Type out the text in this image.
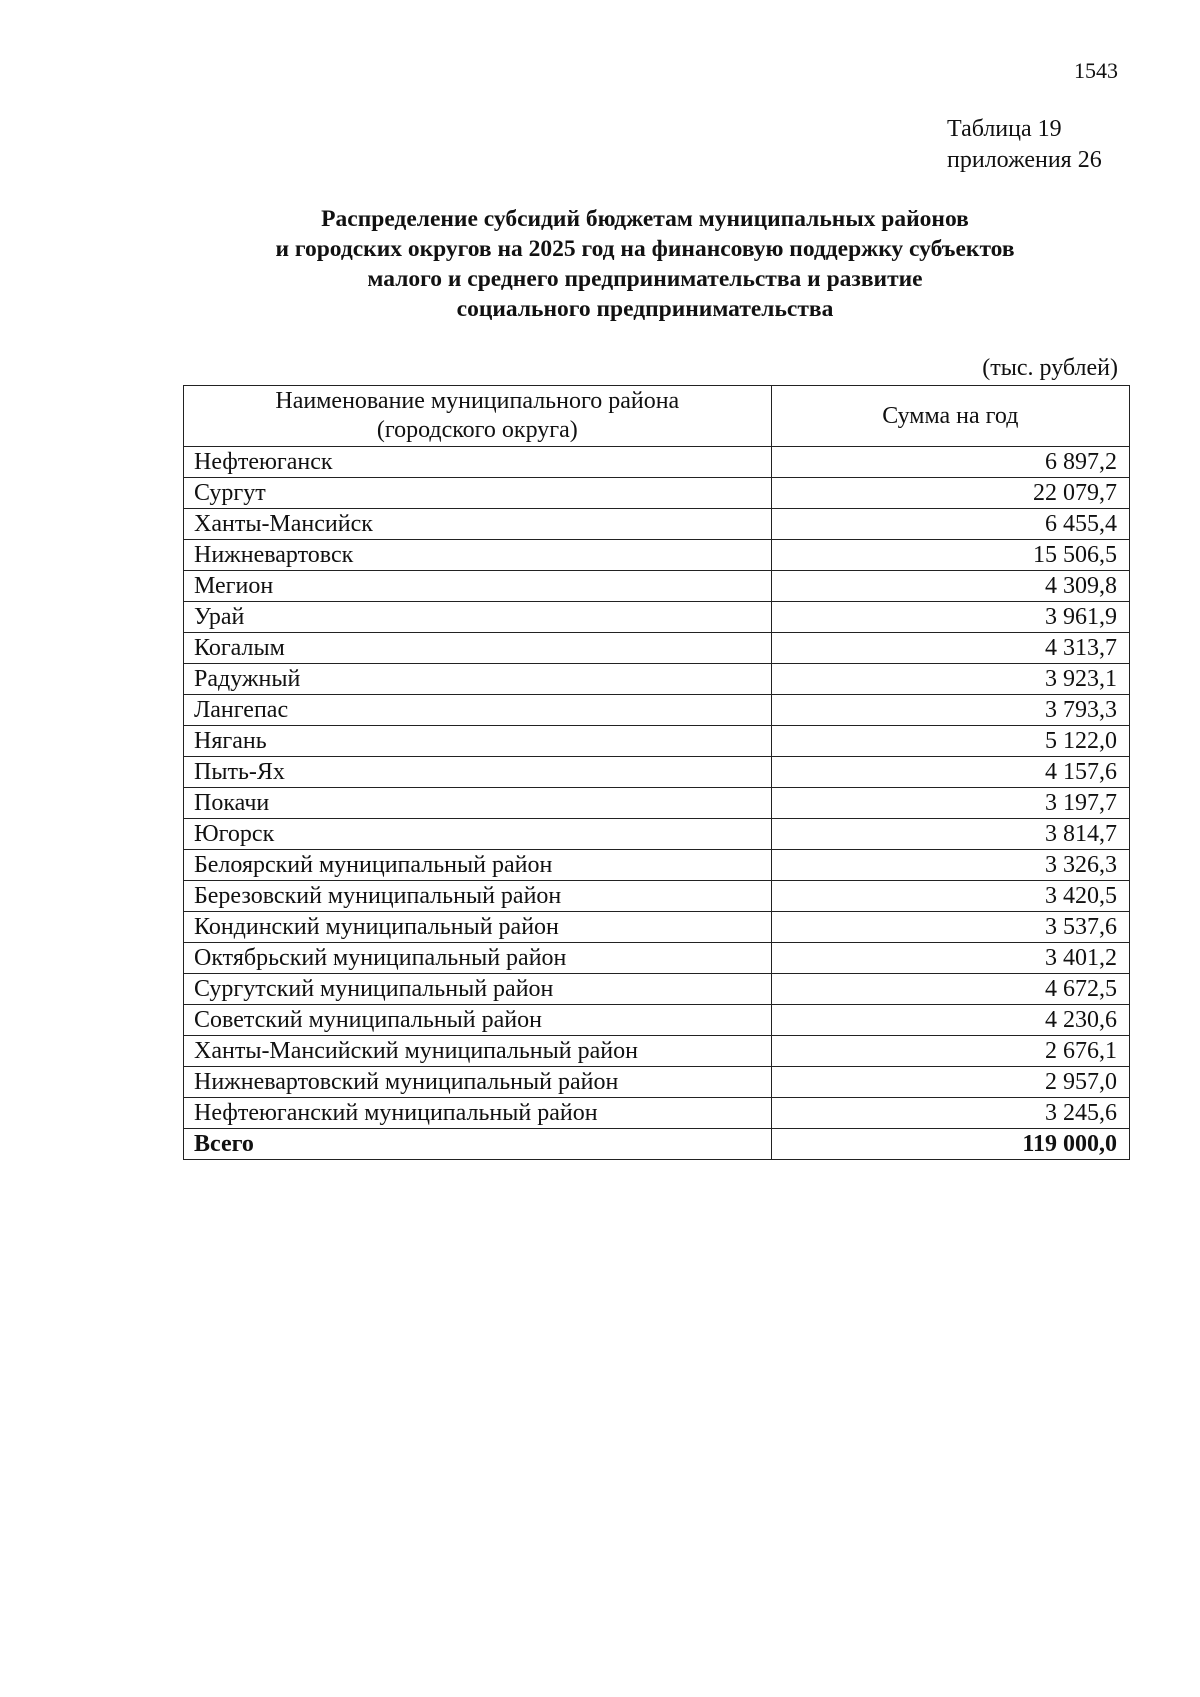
1543
Таблица 19
приложения 26
Распределение субсидий бюджетам муниципальных районов
и городских округов на 2025 год на финансовую поддержку субъектов
малого и среднего предпринимательства и развитие
социального предпринимательства
(тыс. рублей)
Наименование муниципального района
(городского округа)	Сумма на год
Нефтеюганск	6 897,2
Сургут	22 079,7
Ханты-Мансийск	6 455,4
Нижневартовск	15 506,5
Мегион	4 309,8
Урай	3 961,9
Когалым	4 313,7
Радужный	3 923,1
Лангепас	3 793,3
Нягань	5 122,0
Пыть-Ях	4 157,6
Покачи	3 197,7
Югорск	3 814,7
Белоярский муниципальный район	3 326,3
Березовский муниципальный район	3 420,5
Кондинский муниципальный район	3 537,6
Октябрьский муниципальный район	3 401,2
Сургутский муниципальный район	4 672,5
Советский муниципальный район	4 230,6
Ханты-Мансийский муниципальный район	2 676,1
Нижневартовский муниципальный район	2 957,0
Нефтеюганский муниципальный район	3 245,6
Всего	119 000,0
